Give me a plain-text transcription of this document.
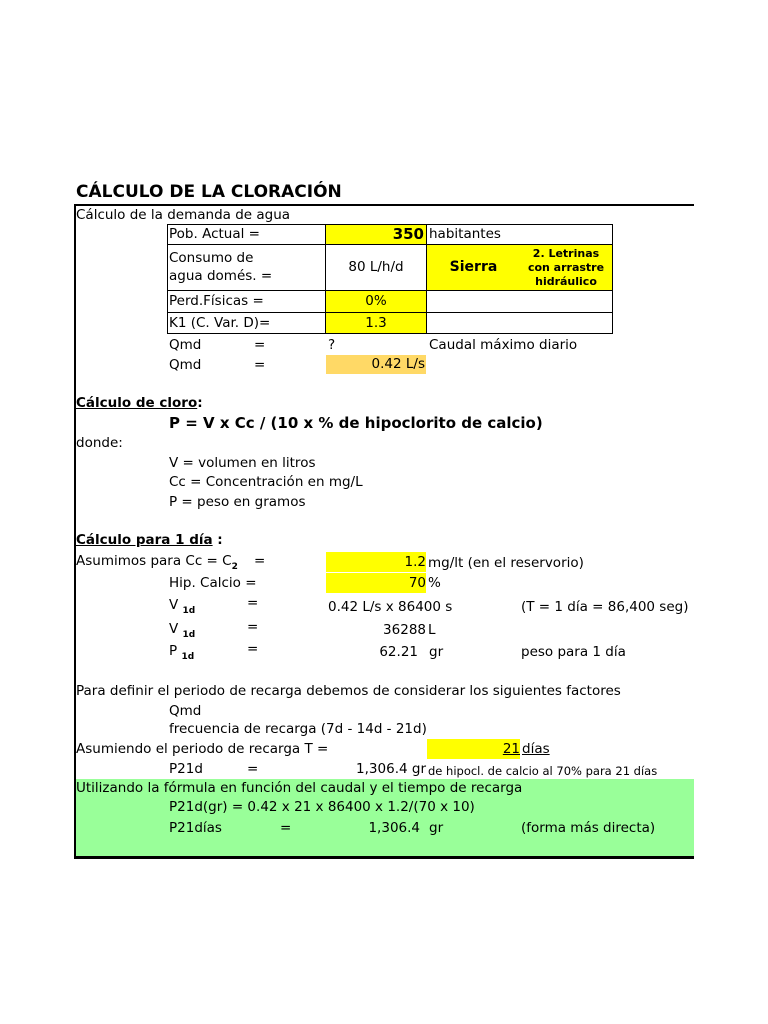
CÁLCULO DE LA CLORACIÓN
Cálculo de la demanda de agua
Pob. Actual =	350 habitantes
Consumo de
agua domés. =
80 L/h/d	Sierra
2. Letrinas
con arrastre
hidráulico
Perd.Físicas =	0%
K1 (C. Var. D)=	1.3
Qmd	=	?	Caudal máximo diario
Qmd	=	0.42 L/s
Cálculo de cloro:
P = V x Cc / (10 x % de hipoclorito de calcio)
donde:
V = volumen en litros
Cc = Concentración en mg/L
P = peso en gramos
Cálculo para 1 día :
Asumimos para $Cc = C_2$ =	1.2 mg/lt (en el reservorio)
Hip. Calcio =	70 %
V $_{1d}$	=	0.42 L/s x 86400 s	(T = 1 día = 86,400 seg)
V $_{1d}$	=	36288 L
P $_{1d}$	=	62.21 gr	peso para 1 día
Para definir el periodo de recarga debemos de considerar los siguientes factores
Qmd
frecuencia de recarga (7d - 14d - 21d)
Asumiendo el periodo de recarga T =	21 días
P21d	=	1,306.4 gr de hipocl. de calcio al 70% para 21 días
Utilizando la fórmula en función del caudal y el tiempo de recarga
P21d(gr) = 0.42 x 21 x 86400 x 1.2/(70 x 10)
P21días	=	1,306.4 gr	(forma más directa)
